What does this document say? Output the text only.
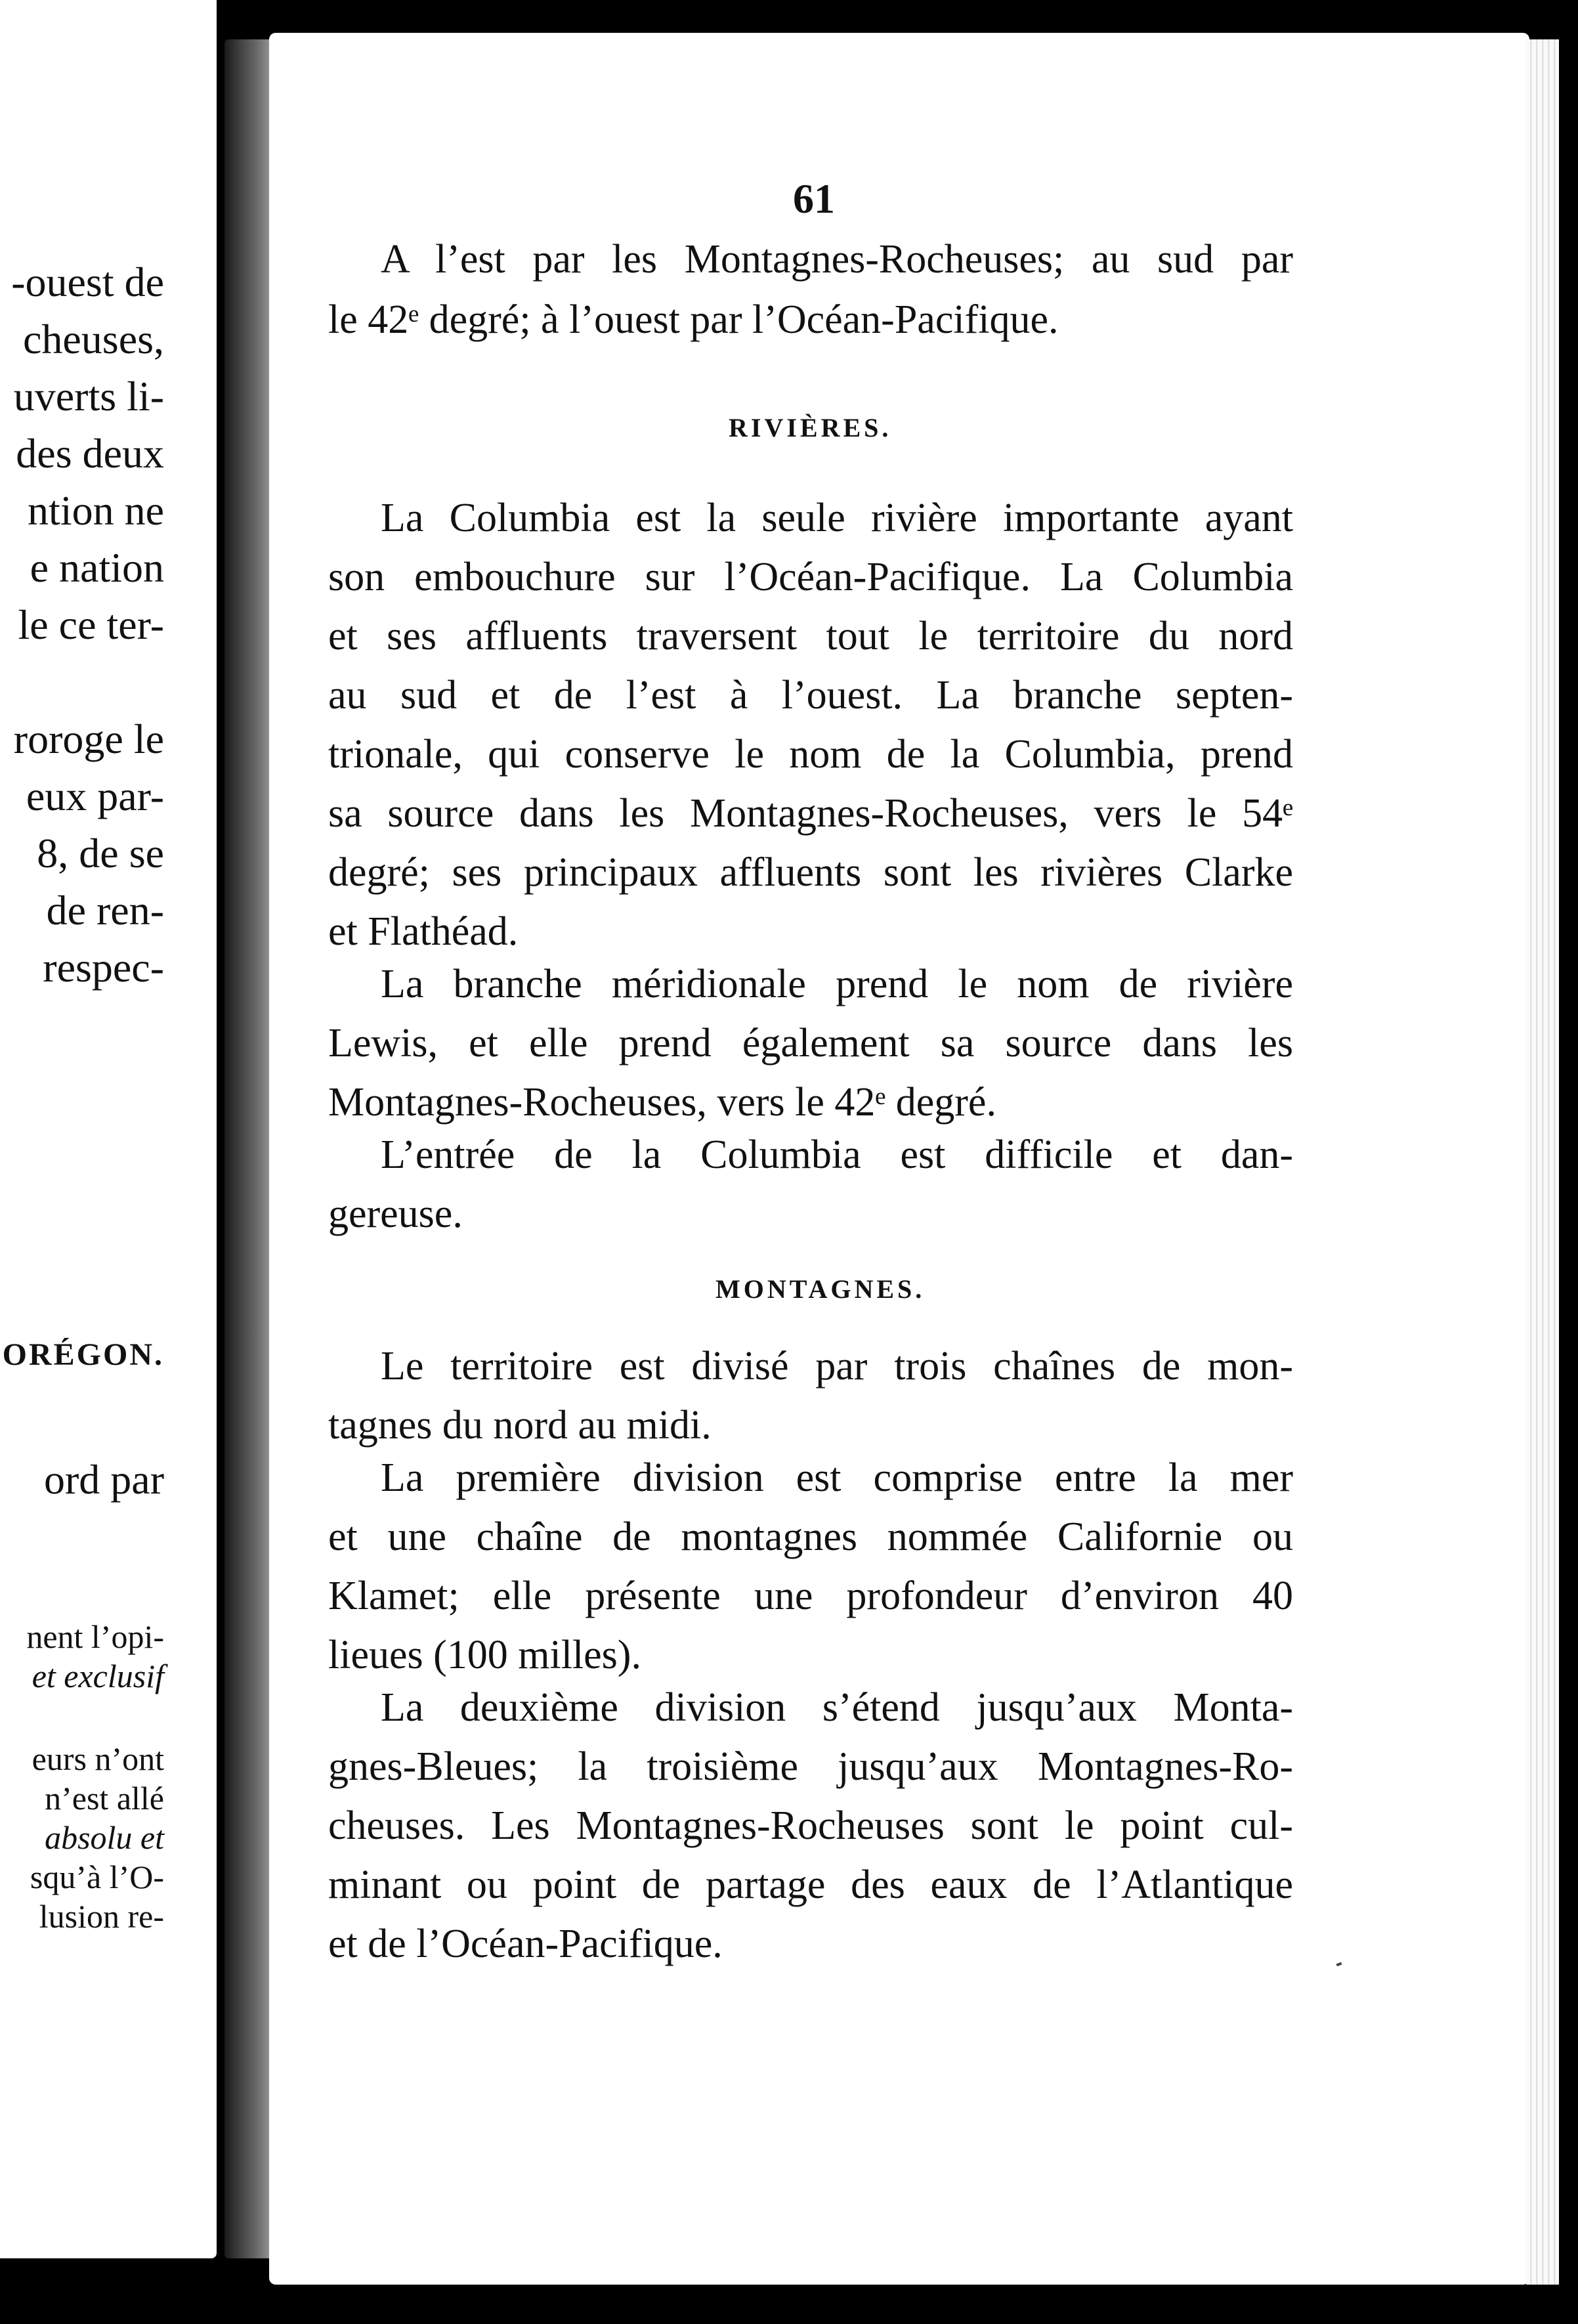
-ouest de
cheuses,
uverts li-
des deux
ntion ne
e nation
le ce ter-
roroge le
eux par-
8, de se
de ren-
respec-
ORÉGON.
ord par
nent l’opi-
et exclusif
eurs n’ont
n’est allé
absolu et
squ’à l’O-
lusion re-
61
A l’est par les Montagnes-Rocheuses; au sud par
le 42ᵉ degré; à l’ouest par l’Océan-Pacifique.
RIVIÈRES.
La Columbia est la seule rivière importante ayant
son embouchure sur l’Océan-Pacifique. La Columbia
et ses affluents traversent tout le territoire du nord
au sud et de l’est à l’ouest. La branche septen-
trionale, qui conserve le nom de la Columbia, prend
sa source dans les Montagnes-Rocheuses, vers le 54ᵉ
degré; ses principaux affluents sont les rivières Clarke
et Flathéad.
La branche méridionale prend le nom de rivière
Lewis, et elle prend également sa source dans les
Montagnes-Rocheuses, vers le 42ᵉ degré.
L’entrée de la Columbia est difficile et dan-
gereuse.
MONTAGNES.
Le territoire est divisé par trois chaînes de mon-
tagnes du nord au midi.
La première division est comprise entre la mer
et une chaîne de montagnes nommée Californie ou
Klamet; elle présente une profondeur d’environ 40
lieues (100 milles).
La deuxième division s’étend jusqu’aux Monta-
gnes-Bleues; la troisième jusqu’aux Montagnes-Ro-
cheuses. Les Montagnes-Rocheuses sont le point cul-
minant ou point de partage des eaux de l’Atlantique
et de l’Océan-Pacifique.
